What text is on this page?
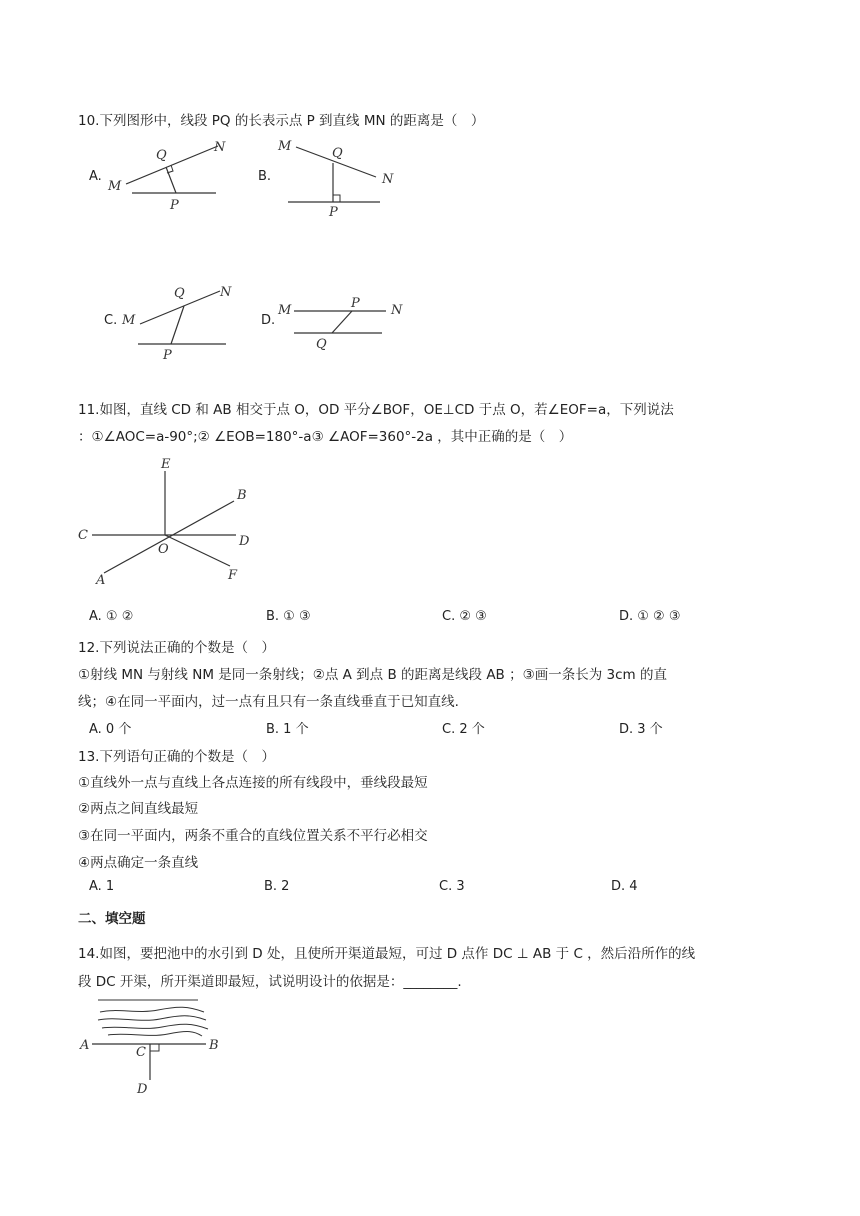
10.下列图形中，线段 PQ 的长表示点 P 到直线 MN 的距离是（　）
A.
M
Q
N
P
B.
M	Q
N
P
C. M
Q	N
P
D.
M	P N
Q
11.如图，直线 CD 和 AB 相交于点 O，OD 平分∠BOF，OE⊥CD 于点 O，若∠EOF=a，下列说法
：①∠AOC=a-90°;② ∠EOB=180°-a③ ∠AOF=360°-2a ，其中正确的是（　）
E
B
C	D
O
A	F
A. ① ②	B. ① ③	C. ② ③	D. ① ② ③
12.下列说法正确的个数是（　）
①射线 MN 与射线 NM 是同一条射线；②点 A 到点 B 的距离是线段 AB ；③画一条长为 3cm 的直
线；④在同一平面内，过一点有且只有一条直线垂直于已知直线.
A. 0 个	B. 1 个	C. 2 个	D. 3 个
13.下列语句正确的个数是（　）
①直线外一点与直线上各点连接的所有线段中，垂线段最短
②两点之间直线最短
③在同一平面内，两条不重合的直线位置关系不平行必相交
④两点确定一条直线
A. 1	B. 2	C. 3	D. 4
二、填空题
14.如图，要把池中的水引到 D 处，且使所开渠道最短，可过 D 点作 DC ⊥ AB 于 C ，然后沿所作的线
段 DC 开渠，所开渠道即最短，试说明设计的依据是：________.
A	C	B
D
